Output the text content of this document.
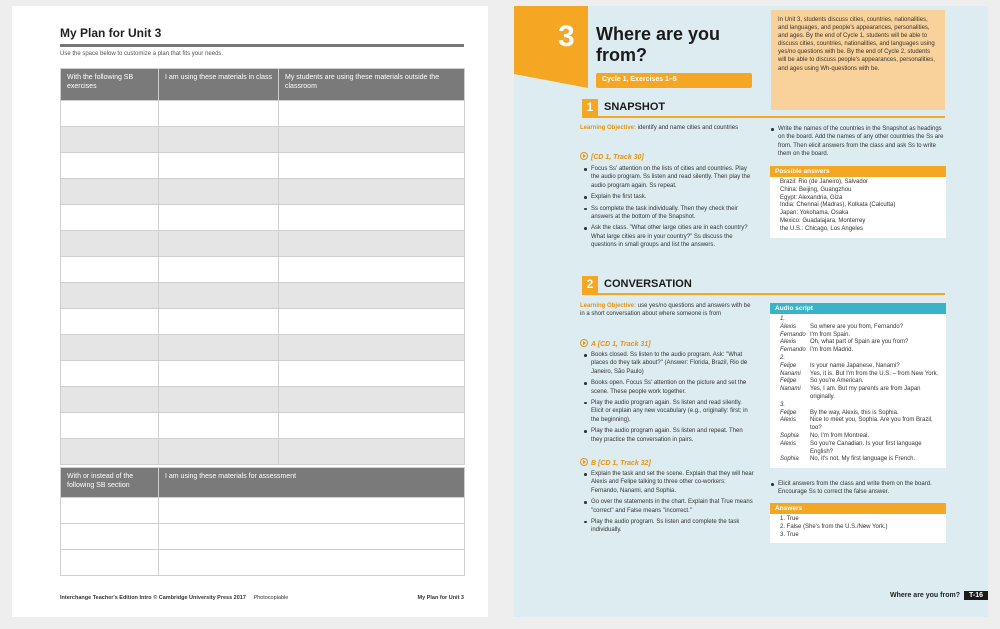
My Plan for Unit 3
Use the space below to customize a plan that fits your needs.
With the following SB exercises	I am using these materials in class	My students are using these materials outside the classroom

With or instead of the following SB section	I am using these materials for assessment

Interchange Teacher's Edition Intro © Cambridge University Press 2017 Photocopiable	My Plan for Unit 3
3 Where are you from?
Cycle 1, Exercises 1–5
In Unit 3, students discuss cities, countries, nationalities, and languages, and people's appearances, personalities, and ages. By the end of Cycle 1, students will be able to discuss cities, countries, nationalities, and languages using yes/no questions with be. By the end of Cycle 2, students will be able to discuss people's appearances, personalities, and ages using Wh-questions with be.
1 SNAPSHOT
Learning Objective: identify and name cities and countries
[CD 1, Track 30]
Focus Ss' attention on the lists of cities and countries. Play the audio program. Ss listen and read silently. Then play the audio program again. Ss repeat.
Explain the first task.
Ss complete the task individually. Then they check their answers at the bottom of the Snapshot.
Ask the class. "What other large cities are in each country? What large cities are in your country?" Ss discuss the questions in small groups and list the answers.
Write the names of the countries in the Snapshot as headings on the board. Add the names of any other countries the Ss are from. Then elicit answers from the class and ask Ss to write them on the board.
Possible answers
Brazil: Rio (de Janeiro), Salvador
China: Beijing, Guangzhou
Egypt: Alexandria, Giza
India: Chennai (Madras), Kolkata (Calcutta)
Japan: Yokohama, Osaka
Mexico: Guadalajara, Monterrey
the U.S.: Chicago, Los Angeles
2 CONVERSATION
Learning Objective: use yes/no questions and answers with be in a short conversation about where someone is from
A [CD 1, Track 31]
Books closed. Ss listen to the audio program. Ask: "What places do they talk about?" (Answer: Florida, Brazil, Rio de Janeiro, São Paulo)
Books open. Focus Ss' attention on the picture and set the scene. These people work together.
Play the audio program again. Ss listen and read silently. Elicit or explain any new vocabulary (e.g., originally: first; in the beginning).
Play the audio program again. Ss listen and repeat. Then they practice the conversation in pairs.
B [CD 1, Track 32]
Explain the task and set the scene. Explain that they will hear Alexis and Felipe talking to three other co-workers: Fernando, Nanami, and Sophia.
Go over the statements in the chart. Explain that True means "correct" and False means "incorrect."
Play the audio program. Ss listen and complete the task individually.
Audio script
1.
Alexis	So where are you from, Fernando?
Fernando I'm from Spain.
Alexis	Oh, what part of Spain are you from?
Fernando I'm from Madrid.
2.
Felipe	Is your name Japanese, Nanami?
Nanami	Yes, it is. But I'm from the U.S. – from New York.
Felipe	So you're American.
Nanami	Yes, I am. But my parents are from Japan originally.
3.
Felipe	By the way, Alexis, this is Sophia.
Alexis	Nice to meet you, Sophia. Are you from Brazil, too?
Sophia	No, I'm from Montreal.
Alexis	So you're Canadian. Is your first language English?
Sophia	No, it's not. My first language is French.
Elicit answers from the class and write them on the board. Encourage Ss to correct the false answer.
Answers
1. True
2. False (She's from the U.S./New York.)
3. True
Where are you from? T-16
